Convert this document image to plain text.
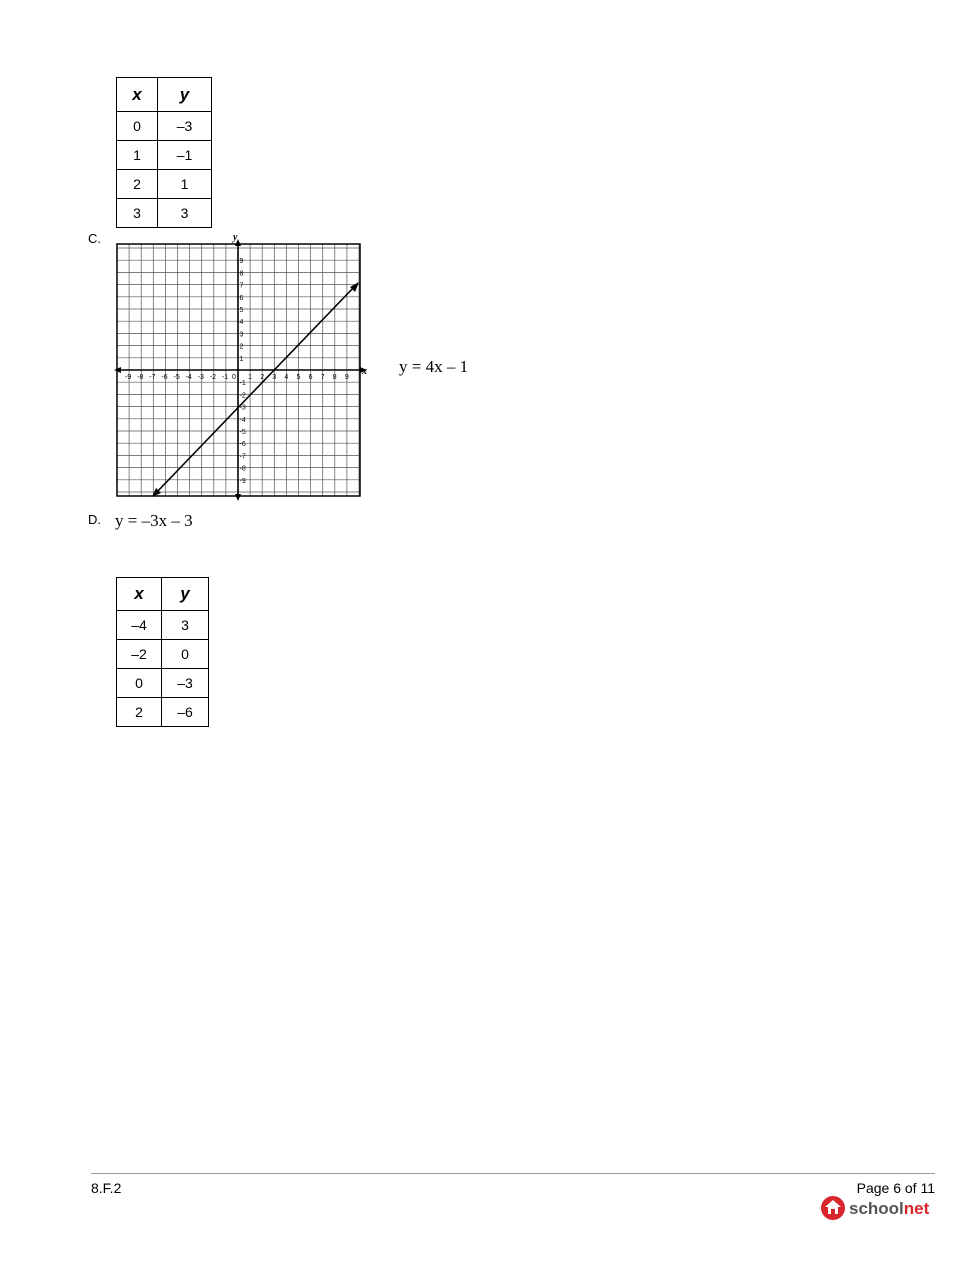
x	y
0	–3
1	–1
2	1
3	3
C.
x
y
0
-9 -8 -7 -6 -5 -4 -3 -2 -1	1 2 3 4 5 6 7 8 9
9
8
7
6
5
4
3
2
1
-1
-2
-3
-4
-5
-6
-7
-8
-9
y = 4x – 1
D. y = –3x – 3
x	y
–4	3
–2	0
0	–3
2	–6
8.F.2	Page 6 of 11
schoolnet
